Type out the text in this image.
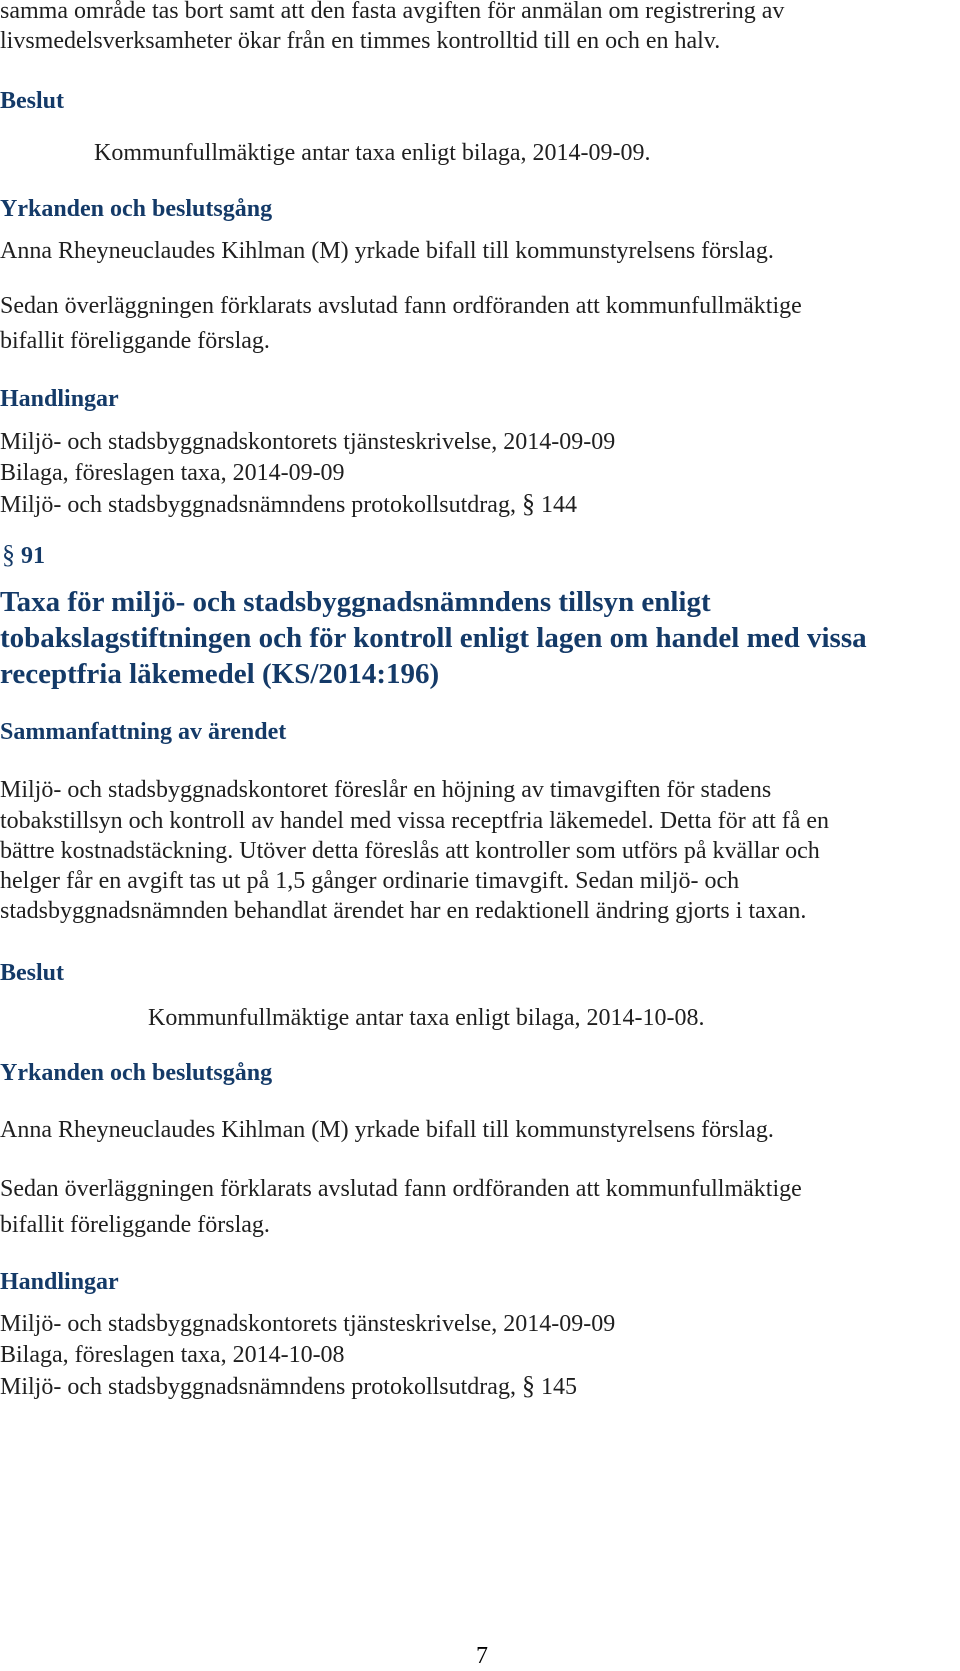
samma område tas bort samt att den fasta avgiften för anmälan om registrering av
livsmedelsverksamheter ökar från en timmes kontrolltid till en och en halv.
Beslut
Kommunfullmäktige antar taxa enligt bilaga, 2014-09-09.
Yrkanden och beslutsgång
Anna Rheyneuclaudes Kihlman (M) yrkade bifall till kommunstyrelsens förslag.
Sedan överläggningen förklarats avslutad fann ordföranden att kommunfullmäktige
bifallit föreliggande förslag.
Handlingar
Miljö- och stadsbyggnadskontorets tjänsteskrivelse, 2014-09-09
Bilaga, föreslagen taxa, 2014-09-09
Miljö- och stadsbyggnadsnämndens protokollsutdrag, § 144
§ 91
Taxa för miljö- och stadsbyggnadsnämndens tillsyn enligt
tobakslagstiftningen och för kontroll enligt lagen om handel med vissa
receptfria läkemedel (KS/2014:196)
Sammanfattning av ärendet
Miljö- och stadsbyggnadskontoret föreslår en höjning av timavgiften för stadens
tobakstillsyn och kontroll av handel med vissa receptfria läkemedel. Detta för att få en
bättre kostnadstäckning. Utöver detta föreslås att kontroller som utförs på kvällar och
helger får en avgift tas ut på 1,5 gånger ordinarie timavgift. Sedan miljö- och
stadsbyggnadsnämnden behandlat ärendet har en redaktionell ändring gjorts i taxan.
Beslut
Kommunfullmäktige antar taxa enligt bilaga, 2014-10-08.
Yrkanden och beslutsgång
Anna Rheyneuclaudes Kihlman (M) yrkade bifall till kommunstyrelsens förslag.
Sedan överläggningen förklarats avslutad fann ordföranden att kommunfullmäktige
bifallit föreliggande förslag.
Handlingar
Miljö- och stadsbyggnadskontorets tjänsteskrivelse, 2014-09-09
Bilaga, föreslagen taxa, 2014-10-08
Miljö- och stadsbyggnadsnämndens protokollsutdrag, § 145
7
